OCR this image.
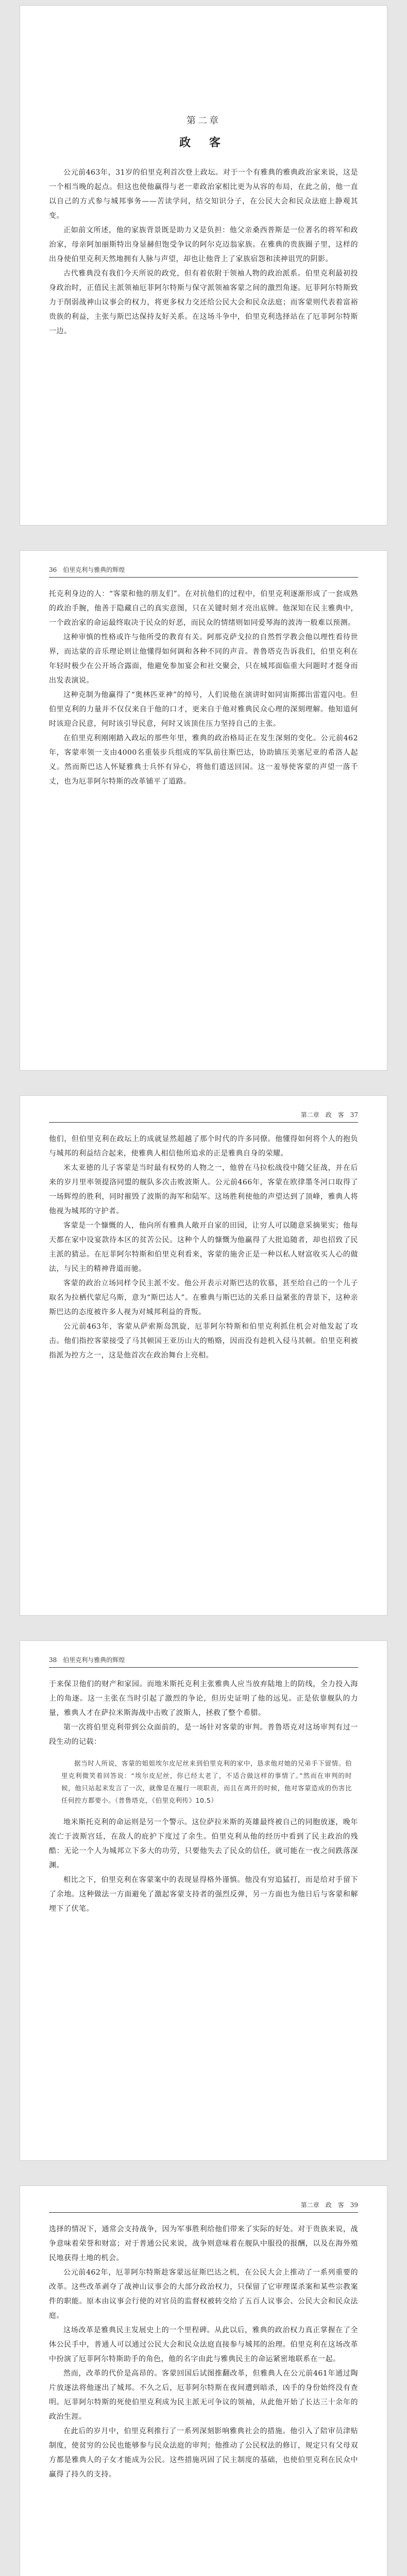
第二章
政 客

公元前463年，31岁的伯里克利首次登上政坛。对于一个有雅典的雅典政治家来说，这是一个相当晚的起点。但这也使他赢得与老一辈政治家相比更为从容的布局，在此之前，他一直以自己的方式参与城邦事务——苦读学问，结交知识分子，在公民大会和民众法庭上静观其变。

正如前文所述，他的家族背景既是助力又是负担：他父亲桑西普斯是一位著名的将军和政治家，母亲阿加丽斯特出身显赫但饱受争议的阿尔克迈翁家族。在雅典的贵族圈子里，这样的出身使伯里克利天然地拥有人脉与声望，却也让他背上了家族宿怨和渎神诅咒的阴影。

古代雅典没有我们今天所说的政党，但有着依附于领袖人物的政治派系。伯里克利最初投身政治时，正值民主派领袖厄菲阿尔特斯与保守派领袖客蒙之间的激烈角逐。厄菲阿尔特斯致力于削弱战神山议事会的权力，将更多权力交还给公民大会和民众法庭；而客蒙则代表着富裕贵族的利益，主张与斯巴达保持友好关系。在这场斗争中，伯里克利选择站在了厄菲阿尔特斯一边。

36　伯里克利与雅典的辉煌

托克利身边的人：“客蒙和他的朋友们”。在对抗他们的过程中，伯里克利逐渐形成了一套成熟的政治手腕，他善于隐藏自己的真实意图，只在关键时刻才亮出底牌。他深知在民主雅典中，一个政治家的命运最终取决于民众的好恶，而民众的情绪则如同爱琴海的波涛一般难以预测。

这种审慎的性格或许与他所受的教育有关。阿那克萨戈拉的自然哲学教会他以理性看待世界，而达蒙的音乐理论则让他懂得如何调和各种不同的声音。普鲁塔克告诉我们，伯里克利在年轻时极少在公开场合露面，他避免参加宴会和社交聚会，只在城邦面临重大问题时才挺身而出发表演说。

这种克制为他赢得了“奥林匹亚神”的绰号，人们说他在演讲时如同宙斯掷出雷霆闪电。但伯里克利的力量并不仅仅来自于他的口才，更来自于他对雅典民众心理的深刻理解。他知道何时该迎合民意，何时该引导民意，何时又该顶住压力坚持自己的主张。

在伯里克利刚刚踏入政坛的那些年里，雅典的政治格局正在发生深刻的变化。公元前462年，客蒙率领一支由4000名重装步兵组成的军队前往斯巴达，协助镇压美塞尼亚的希洛人起义。然而斯巴达人怀疑雅典士兵怀有异心，将他们遣送回国。这一羞辱使客蒙的声望一落千丈，也为厄菲阿尔特斯的改革铺平了道路。

第二章　政　客　37

他们，但伯里克利在政坛上的成就显然超越了那个时代的许多同僚。他懂得如何将个人的抱负与城邦的利益结合起来，使雅典人相信他所追求的正是雅典自身的荣耀。

米太亚德的儿子客蒙是当时最有权势的人物之一，他曾在马拉松战役中随父征战，并在后来的岁月里率领提洛同盟的舰队多次击败波斯人。公元前466年，客蒙在欧律墨冬河口取得了一场辉煌的胜利，同时摧毁了波斯的海军和陆军。这场胜利使他的声望达到了顶峰，雅典人将他视为城邦的守护者。

客蒙是一个慷慨的人，他向所有雅典人敞开自家的田园，让穷人可以随意采摘果实；他每天都在家中设宴款待本区的贫苦公民。这种个人的慷慨为他赢得了大批追随者，却也招致了民主派的猜忌。在厄菲阿尔特斯和伯里克利看来，客蒙的施舍正是一种以私人财富收买人心的做法，与民主的精神背道而驰。

客蒙的政治立场同样令民主派不安。他公开表示对斯巴达的钦慕，甚至给自己的一个儿子取名为拉栖代蒙尼乌斯，意为“斯巴达人”。在雅典与斯巴达的关系日益紧张的背景下，这种亲斯巴达的态度被许多人视为对城邦利益的背叛。

公元前463年，客蒙从萨索斯岛凯旋，厄菲阿尔特斯和伯里克利抓住机会对他发起了攻击。他们指控客蒙接受了马其顿国王亚历山大的贿赂，因而没有趁机入侵马其顿。伯里克利被指派为控方之一，这是他首次在政治舞台上亮相。

38　伯里克利与雅典的辉煌

于来保卫他们的财产和家园。而地米斯托克利主张雅典人应当放弃陆地上的防线，全力投入海上的角逐。这一主张在当时引起了激烈的争论，但历史证明了他的远见。正是依靠舰队的力量，雅典人才在萨拉米斯海战中击败了波斯人，拯救了整个希腊。

第一次将伯里克利带到公众面前的，是一场针对客蒙的审判。普鲁塔克对这场审判有过一段生动的记载：

据当时人所说，客蒙的姐姐埃尔皮尼丝来到伯里克利的家中，恳求他对她的兄弟手下留情。伯里克利微笑着回答说：“埃尔皮尼丝，你已经太老了，不适合做这样的事情了。”然而在审判的时候，他只站起来发言了一次，就像是在履行一项职责，而且在离开的时候，他对客蒙造成的伤害比任何控方都要小。（普鲁塔克，《伯里克利传》10.5）

地米斯托克利的命运则是另一个警示。这位萨拉米斯的英雄最终被自己的同胞放逐，晚年流亡于波斯宫廷，在敌人的庇护下度过了余生。伯里克利从他的经历中看到了民主政治的残酷：无论一个人为城邦立下多大的功劳，只要他失去了民众的信任，就可能在一夜之间跌落深渊。

相比之下，伯里克利在客蒙案中的表现显得格外谨慎。他没有穷追猛打，而是给对手留下了余地。这种做法一方面避免了激起客蒙支持者的强烈反弹，另一方面也为他日后与客蒙和解埋下了伏笔。

第二章　政　客　39

选择的情况下，通常会支持战争，因为军事胜利给他们带来了实际的好处。对于贵族来说，战争意味着荣誉和财富；对于普通公民来说，战争则意味着在舰队中服役的报酬，以及在海外殖民地获得土地的机会。

公元前462年，厄菲阿尔特斯趁客蒙远征斯巴达之机，在公民大会上推动了一系列重要的改革。这些改革剥夺了战神山议事会的大部分政治权力，只保留了它审理谋杀案和某些宗教案件的职能。原本由议事会行使的对官员的监督权被转交给了五百人议事会、公民大会和民众法庭。

这场改革是雅典民主发展史上的一个里程碑。从此以后，雅典的政治权力真正掌握在了全体公民手中，普通人可以通过公民大会和民众法庭直接参与城邦的治理。伯里克利在这场改革中扮演了厄菲阿尔特斯助手的角色，他的名字由此与雅典民主的命运紧密地联系在一起。

然而，改革的代价是高昂的。客蒙回国后试图推翻改革，但雅典人在公元前461年通过陶片放逐法将他逐出了城邦。不久之后，厄菲阿尔特斯在夜间遭到暗杀，凶手的身份始终没有查明。厄菲阿尔特斯的死使伯里克利成为民主派无可争议的领袖，从此他开始了长达三十余年的政治生涯。

在此后的岁月中，伯里克利推行了一系列深刻影响雅典社会的措施。他引入了陪审员津贴制度，使贫穷的公民也能够参与民众法庭的审判；他推动了公民权法的修订，规定只有父母双方都是雅典人的子女才能成为公民。这些措施巩固了民主制度的基础，也使伯里克利在民众中赢得了持久的支持。
